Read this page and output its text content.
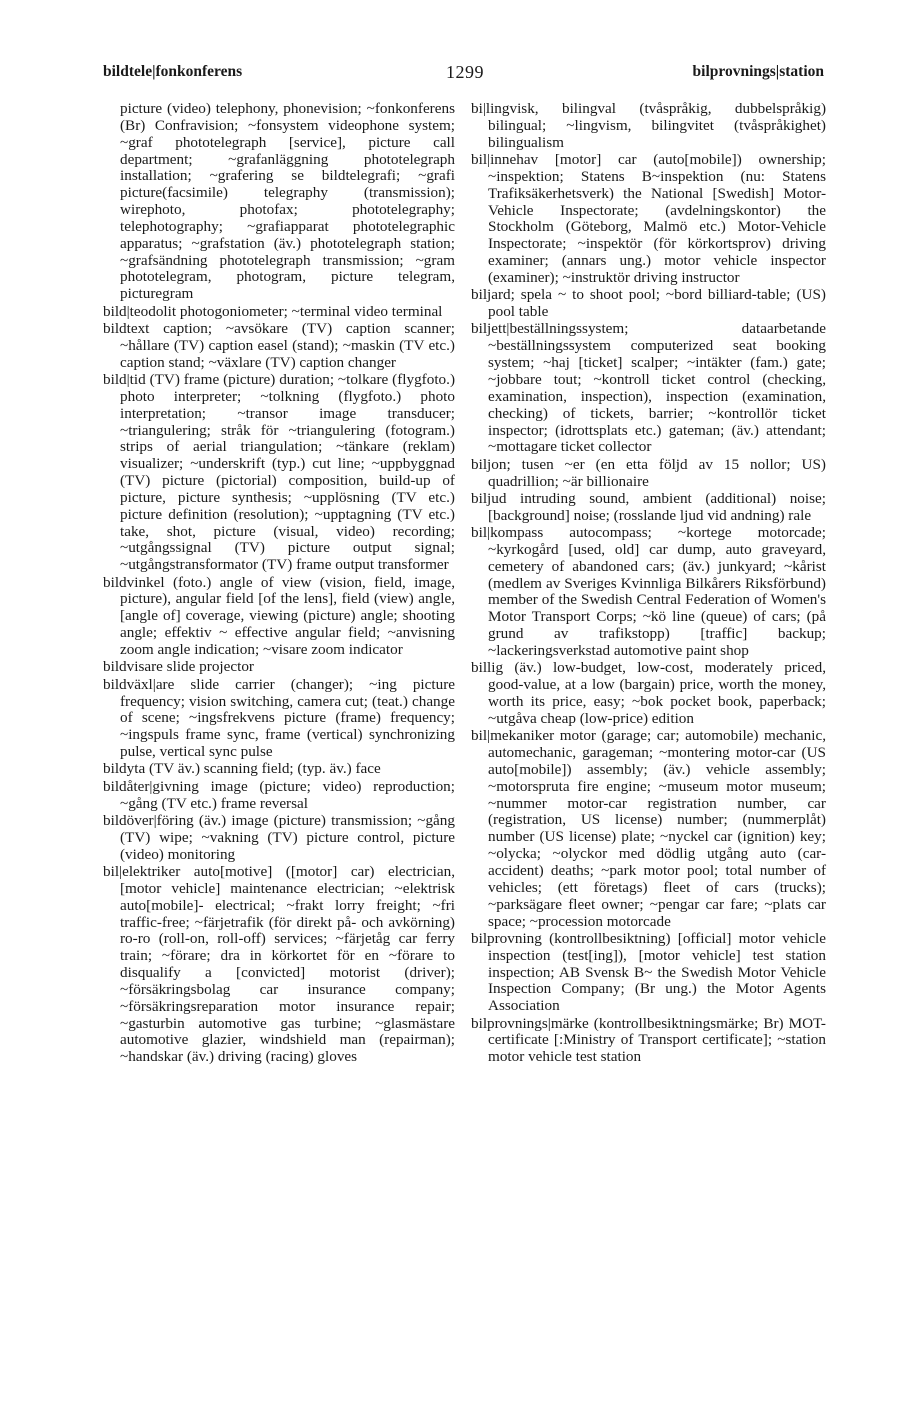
bildtele|fonkonferens	1299	bilprovnings|station

picture (video) telephony, phonevision; ~fonkonferens (Br) Confravision; ~fonsystem videophone system; ~graf phototelegraph [service], picture call department; ~grafanläggning phototelegraph installation; ~grafering se bildtelegrafi; ~grafi picture(facsimile) telegraphy (transmission); wirephoto, photofax; phototelegraphy; telephotography; ~grafiapparat phototelegraphic apparatus; ~grafstation (äv.) phototelegraph station; ~grafsändning phototelegraph transmission; ~gram phototelegram, photogram, picture telegram, picturegram

bild|teodolit photogoniometer; ~terminal video terminal

bildtext caption; ~avsökare (TV) caption scanner; ~hållare (TV) caption easel (stand); ~maskin (TV etc.) caption stand; ~växlare (TV) caption changer

bild|tid (TV) frame (picture) duration; ~tolkare (flygfoto.) photo interpreter; ~tolkning (flygfoto.) photo interpretation; ~transor image transducer; ~triangulering; stråk för ~triangulering (fotogram.) strips of aerial triangulation; ~tänkare (reklam) visualizer; ~underskrift (typ.) cut line; ~uppbyggnad (TV) picture (pictorial) composition, build-up of picture, picture synthesis; ~upplösning (TV etc.) picture definition (resolution); ~upptagning (TV etc.) take, shot, picture (visual, video) recording; ~utgångssignal (TV) picture output signal; ~utgångstransformator (TV) frame output transformer

bildvinkel (foto.) angle of view (vision, field, image, picture), angular field [of the lens], field (view) angle, [angle of] coverage, viewing (picture) angle; shooting angle; effektiv ~ effective angular field; ~anvisning zoom angle indication; ~visare zoom indicator

bildvisare slide projector

bildväxl|are slide carrier (changer); ~ing picture frequency; vision switching, camera cut; (teat.) change of scene; ~ingsfrekvens picture (frame) frequency; ~ingspuls frame sync, frame (vertical) synchronizing pulse, vertical sync pulse

bildyta (TV äv.) scanning field; (typ. äv.) face

bildåter|givning image (picture; video) reproduction; ~gång (TV etc.) frame reversal

bildöver|föring (äv.) image (picture) transmission; ~gång (TV) wipe; ~vakning (TV) picture control, picture (video) monitoring

bil|elektriker auto[motive] ([motor] car) electrician, [motor vehicle] maintenance electrician; ~elektrisk auto[mobile]- electrical; ~frakt lorry freight; ~fri traffic-free; ~färjetrafik (för direkt på- och avkörning) ro-ro (roll-on, roll-off) services; ~färjetåg car ferry train; ~förare; dra in körkortet för en ~förare to disqualify a [convicted] motorist (driver); ~försäkringsbolag car insurance company; ~försäkringsreparation motor insurance repair; ~gasturbin automotive gas turbine; ~glasmästare automotive glazier, windshield man (repairman); ~handskar (äv.) driving (racing) gloves

bi|lingvisk, bilingval (tvåspråkig, dubbelspråkig) bilingual; ~lingvism, bilingvitet (tvåspråkighet) bilingualism

bil|innehav [motor] car (auto[mobile]) ownership; ~inspektion; Statens B~inspektion (nu: Statens Trafiksäkerhetsverk) the National [Swedish] Motor-Vehicle Inspectorate; (avdelningskontor) the Stockholm (Göteborg, Malmö etc.) Motor-Vehicle Inspectorate; ~inspektör (för körkortsprov) driving examiner; (annars ung.) motor vehicle inspector (examiner); ~instruktör driving instructor

biljard; spela ~ to shoot pool; ~bord billiard-table; (US) pool table

biljett|beställningssystem; dataarbetande ~beställningssystem computerized seat booking system; ~haj [ticket] scalper; ~intäkter (fam.) gate; ~jobbare tout; ~kontroll ticket control (checking, examination, inspection), inspection (examination, checking) of tickets, barrier; ~kontrollör ticket inspector; (idrottsplats etc.) gateman; (äv.) attendant; ~mottagare ticket collector

biljon; tusen ~er (en etta följd av 15 nollor; US) quadrillion; ~är billionaire

biljud intruding sound, ambient (additional) noise; [background] noise; (rosslande ljud vid andning) rale

bil|kompass autocompass; ~kortege motorcade; ~kyrkogård [used, old] car dump, auto graveyard, cemetery of abandoned cars; (äv.) junkyard; ~kårist (medlem av Sveriges Kvinnliga Bilkårers Riksförbund) member of the Swedish Central Federation of Women's Motor Transport Corps; ~kö line (queue) of cars; (på grund av trafikstopp) [traffic] backup; ~lackeringsverkstad automotive paint shop

billig (äv.) low-budget, low-cost, moderately priced, good-value, at a low (bargain) price, worth the money, worth its price, easy; ~bok pocket book, paperback; ~utgåva cheap (low-price) edition

bil|mekaniker motor (garage; car; automobile) mechanic, automechanic, garageman; ~montering motor-car (US auto[mobile]) assembly; (äv.) vehicle assembly; ~motorspruta fire engine; ~museum motor museum; ~nummer motor-car registration number, car (registration, US license) number; (nummerplåt) number (US license) plate; ~nyckel car (ignition) key; ~olycka; ~olyckor med dödlig utgång auto (car-accident) deaths; ~park motor pool; total number of vehicles; (ett företags) fleet of cars (trucks); ~parksägare fleet owner; ~pengar car fare; ~plats car space; ~procession motorcade

bilprovning (kontrollbesiktning) [official] motor vehicle inspection (test[ing]), [motor vehicle] test station inspection; AB Svensk B~ the Swedish Motor Vehicle Inspection Company; (Br ung.) the Motor Agents Association

bilprovnings|märke (kontrollbesiktningsmärke; Br) MOT-certificate [:Ministry of Transport certificate]; ~station motor vehicle test station
